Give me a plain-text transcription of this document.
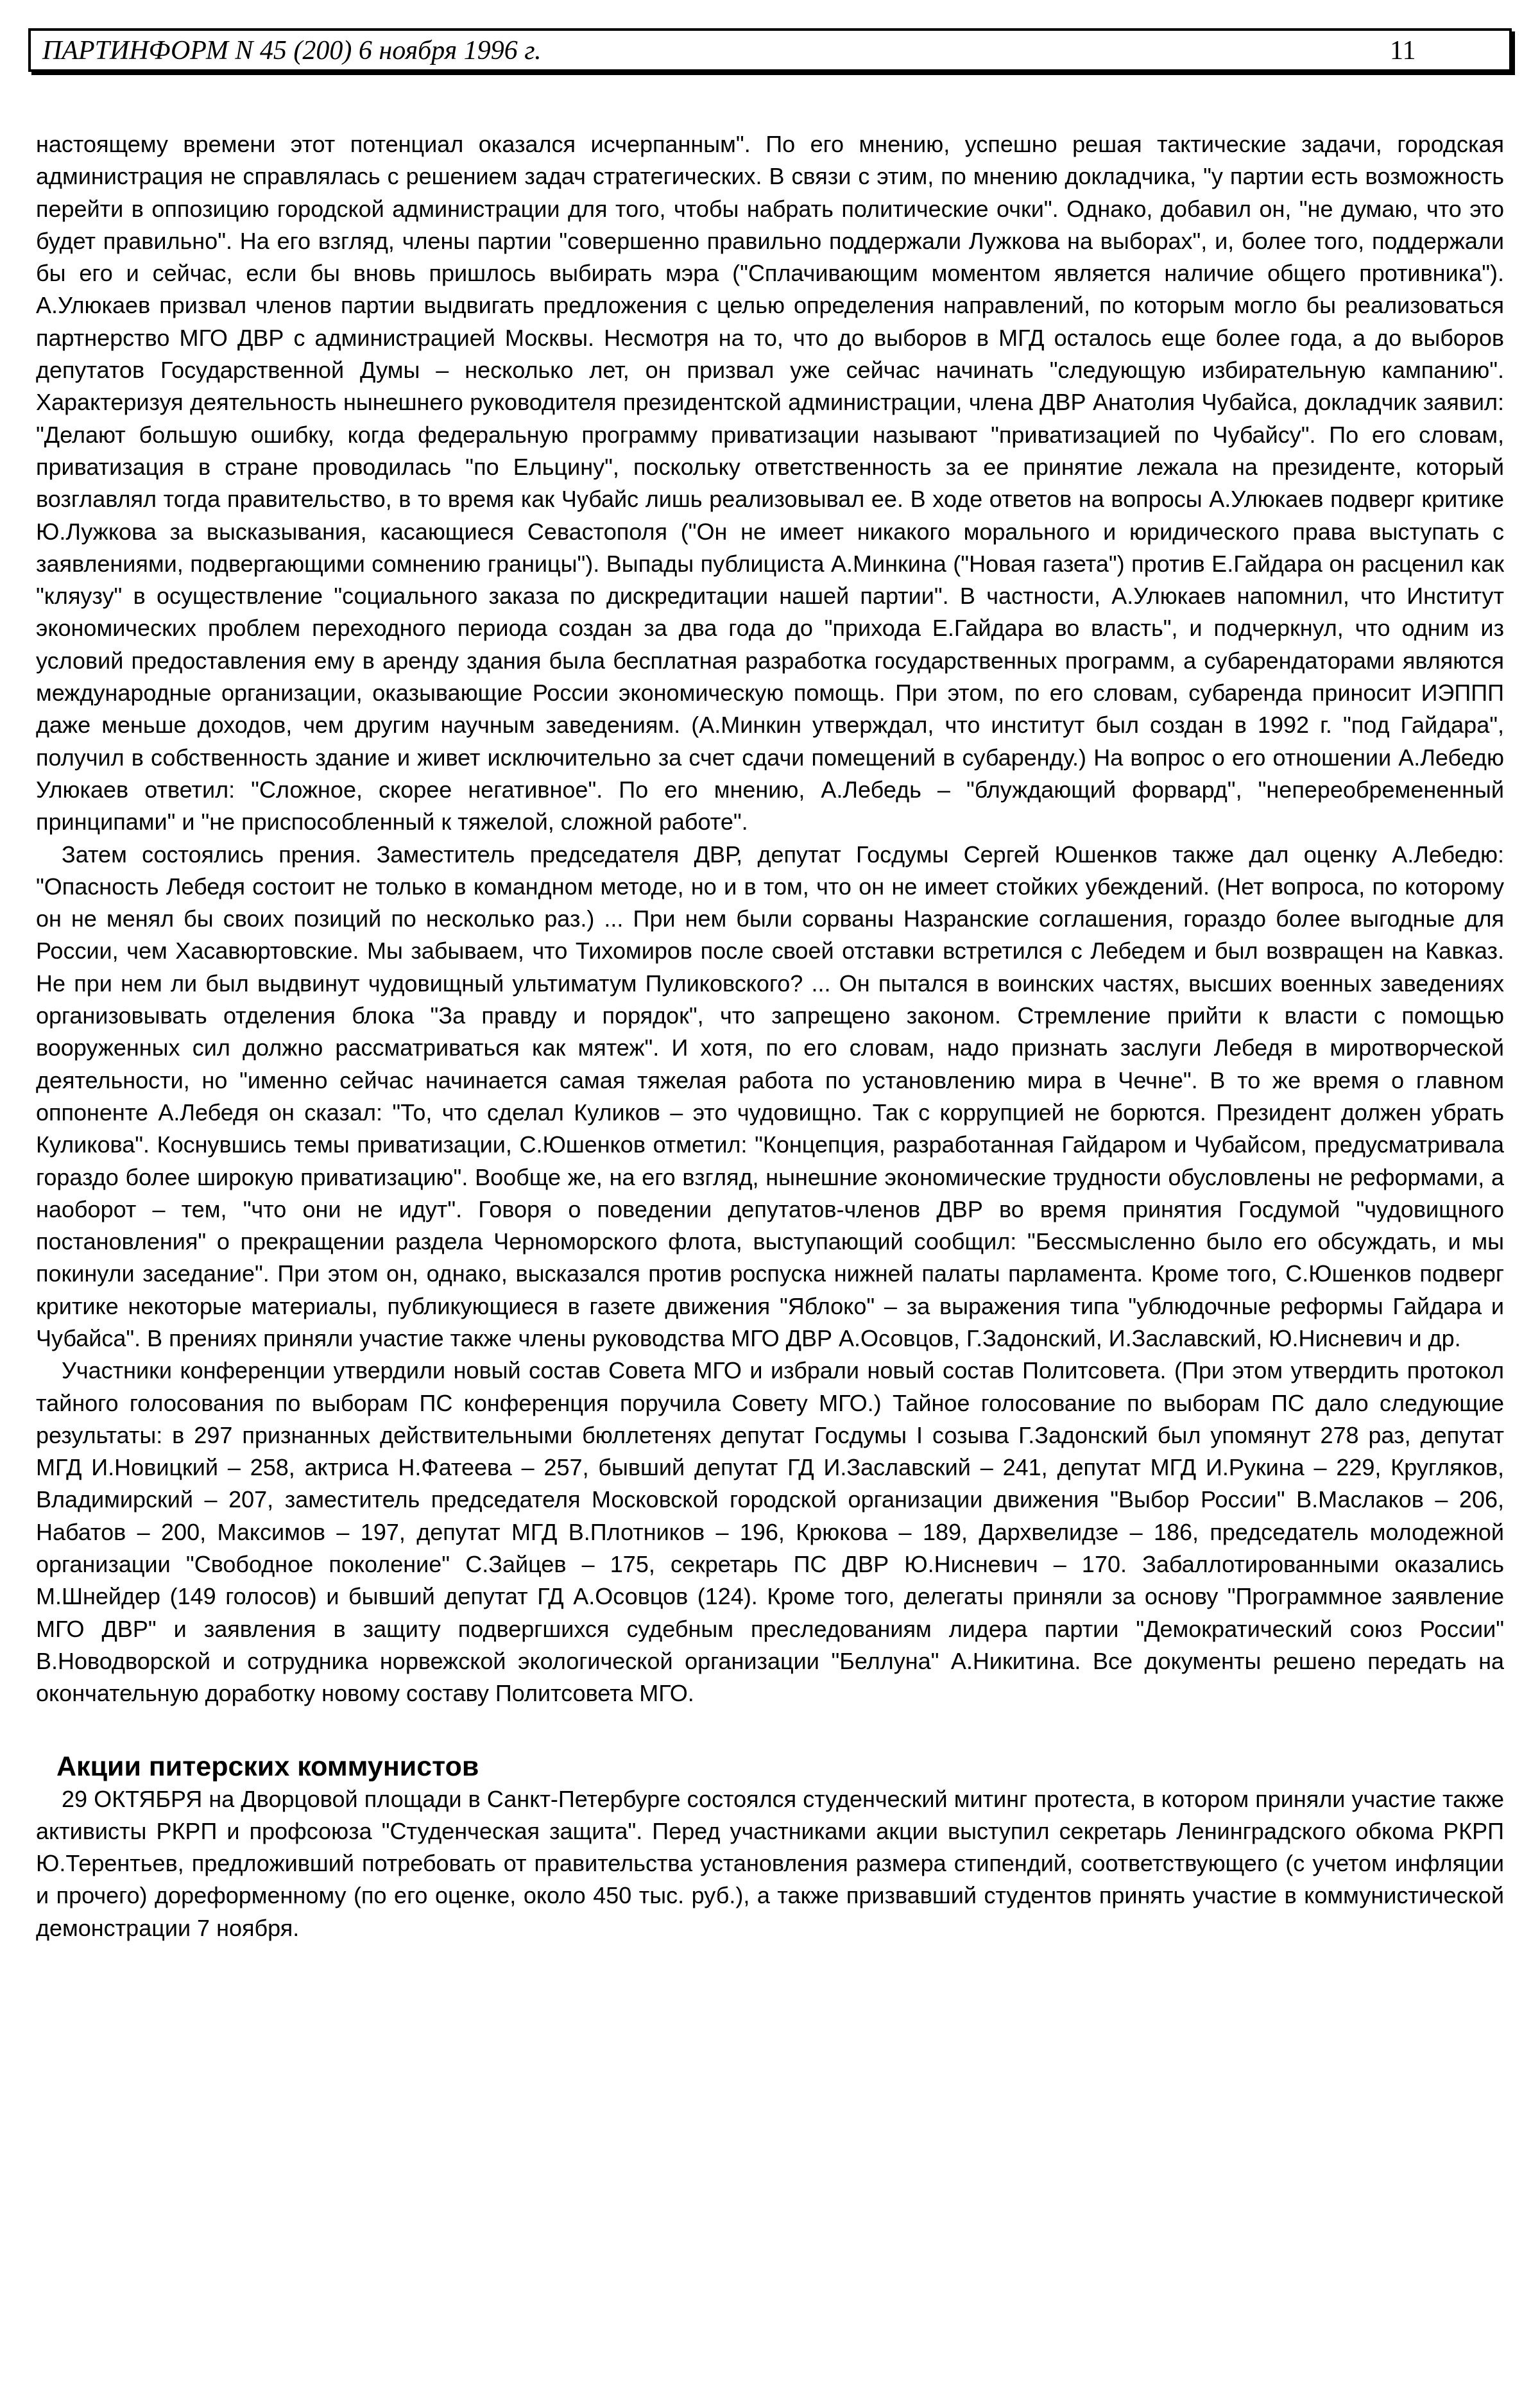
ПАРТИНФОРМ N 45 (200) 6 ноября 1996 г.	11

настоящему времени этот потенциал оказался исчерпанным". По его мнению, успешно решая тактические задачи, городская администрация не справлялась с решением задач стратегических. В связи с этим, по мнению докладчика, "у партии есть возможность перейти в оппозицию городской администрации для того, чтобы набрать политические очки". Однако, добавил он, "не думаю, что это будет правильно". На его взгляд, члены партии "совершенно правильно поддержали Лужкова на выборах", и, более того, поддержали бы его и сейчас, если бы вновь пришлось выбирать мэра ("Сплачивающим моментом является наличие общего противника"). А.Улюкаев призвал членов партии выдвигать предложения с целью определения направлений, по которым могло бы реализоваться партнерство МГО ДВР с администрацией Москвы. Несмотря на то, что до выборов в МГД осталось еще более года, а до выборов депутатов Государственной Думы – несколько лет, он призвал уже сейчас начинать "следующую избирательную кампанию". Характеризуя деятельность нынешнего руководителя президентской администрации, члена ДВР Анатолия Чубайса, докладчик заявил: "Делают большую ошибку, когда федеральную программу приватизации называют "приватизацией по Чубайсу". По его словам, приватизация в стране проводилась "по Ельцину", поскольку ответственность за ее принятие лежала на президенте, который возглавлял тогда правительство, в то время как Чубайс лишь реализовывал ее. В ходе ответов на вопросы А.Улюкаев подверг критике Ю.Лужкова за высказывания, касающиеся Севастополя ("Он не имеет никакого морального и юридического права выступать с заявлениями, подвергающими сомнению границы"). Выпады публициста А.Минкина ("Новая газета") против Е.Гайдара он расценил как "кляузу" в осуществление "социального заказа по дискредитации нашей партии". В частности, А.Улюкаев напомнил, что Институт экономических проблем переходного периода создан за два года до "прихода Е.Гайдара во власть", и подчеркнул, что одним из условий предоставления ему в аренду здания была бесплатная разработка государственных программ, а субарендаторами являются международные организации, оказывающие России экономическую помощь. При этом, по его словам, субаренда приносит ИЭППП даже меньше доходов, чем другим научным заведениям. (А.Минкин утверждал, что институт был создан в 1992 г. "под Гайдара", получил в собственность здание и живет исключительно за счет сдачи помещений в субаренду.) На вопрос о его отношении А.Лебедю Улюкаев ответил: "Сложное, скорее негативное". По его мнению, А.Лебедь – "блуждающий форвард", "непереобремененный принципами" и "не приспособленный к тяжелой, сложной работе".

Затем состоялись прения. Заместитель председателя ДВР, депутат Госдумы Сергей Юшенков также дал оценку А.Лебедю: "Опасность Лебедя состоит не только в командном методе, но и в том, что он не имеет стойких убеждений. (Нет вопроса, по которому он не менял бы своих позиций по несколько раз.) ... При нем были сорваны Назранские соглашения, гораздо более выгодные для России, чем Хасавюртовские. Мы забываем, что Тихомиров после своей отставки встретился с Лебедем и был возвращен на Кавказ. Не при нем ли был выдвинут чудовищный ультиматум Пуликовского? ... Он пытался в воинских частях, высших военных заведениях организовывать отделения блока "За правду и порядок", что запрещено законом. Стремление прийти к власти с помощью вооруженных сил должно рассматриваться как мятеж". И хотя, по его словам, надо признать заслуги Лебедя в миротворческой деятельности, но "именно сейчас начинается самая тяжелая работа по установлению мира в Чечне". В то же время о главном оппоненте А.Лебедя он сказал: "То, что сделал Куликов – это чудовищно. Так с коррупцией не борются. Президент должен убрать Куликова". Коснувшись темы приватизации, С.Юшенков отметил: "Концепция, разработанная Гайдаром и Чубайсом, предусматривала гораздо более широкую приватизацию". Вообще же, на его взгляд, нынешние экономические трудности обусловлены не реформами, а наоборот – тем, "что они не идут". Говоря о поведении депутатов-членов ДВР во время принятия Госдумой "чудовищного постановления" о прекращении раздела Черноморского флота, выступающий сообщил: "Бессмысленно было его обсуждать, и мы покинули заседание". При этом он, однако, высказался против роспуска нижней палаты парламента. Кроме того, С.Юшенков подверг критике некоторые материалы, публикующиеся в газете движения "Яблоко" – за выражения типа "ублюдочные реформы Гайдара и Чубайса". В прениях приняли участие также члены руководства МГО ДВР А.Осовцов, Г.Задонский, И.Заславский, Ю.Нисневич и др.

Участники конференции утвердили новый состав Совета МГО и избрали новый состав Политсовета. (При этом утвердить протокол тайного голосования по выборам ПС конференция поручила Совету МГО.) Тайное голосование по выборам ПС дало следующие результаты: в 297 признанных действительными бюллетенях депутат Госдумы I созыва Г.Задонский был упомянут 278 раз, депутат МГД И.Новицкий – 258, актриса Н.Фатеева – 257, бывший депутат ГД И.Заславский – 241, депутат МГД И.Рукина – 229, Кругляков, Владимирский – 207, заместитель председателя Московской городской организации движения "Выбор России" В.Маслаков – 206, Набатов – 200, Максимов – 197, депутат МГД В.Плотников – 196, Крюкова – 189, Дархвелидзе – 186, председатель молодежной организации "Свободное поколение" С.Зайцев – 175, секретарь ПС ДВР Ю.Нисневич – 170. Забаллотированными оказались М.Шнейдер (149 голосов) и бывший депутат ГД А.Осовцов (124). Кроме того, делегаты приняли за основу "Программное заявление МГО ДВР" и заявления в защиту подвергшихся судебным преследованиям лидера партии "Демократический союз России" В.Новодворской и сотрудника норвежской экологической организации "Беллуна" А.Никитина. Все документы решено передать на окончательную доработку новому составу Политсовета МГО.

Акции питерских коммунистов

29 ОКТЯБРЯ на Дворцовой площади в Санкт-Петербурге состоялся студенческий митинг протеста, в котором приняли участие также активисты РКРП и профсоюза "Студенческая защита". Перед участниками акции выступил секретарь Ленинградского обкома РКРП Ю.Терентьев, предложивший потребовать от правительства установления размера стипендий, соответствующего (с учетом инфляции и прочего) дореформенному (по его оценке, около 450 тыс. руб.), а также призвавший студентов принять участие в коммунистической демонстрации 7 ноября.
